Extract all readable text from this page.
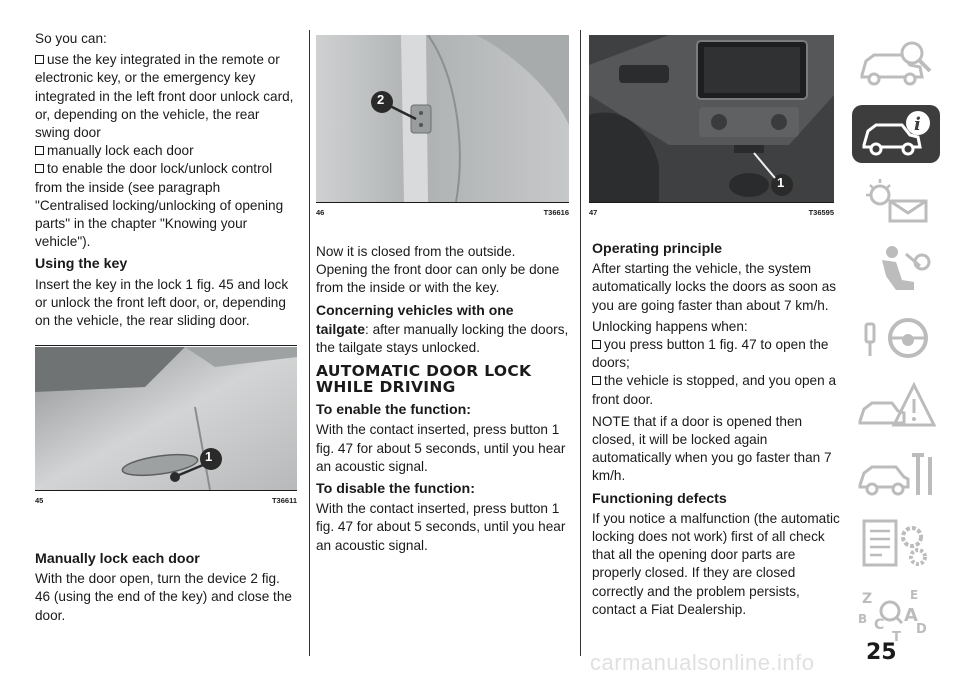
So you can:

use the key integrated in the remote or electronic key, or the emergency key integrated in the left front door unlock card, or, depending on the vehicle, the rear swing door
manually lock each door
to enable the door lock/unlock control from the inside (see paragraph "Centralised locking/unlocking of opening parts" in the chapter "Knowing your vehicle").
Using the key

Insert the key in the lock 1 fig. 45 and lock or unlock the front left door, or, depending on the vehicle, the rear sliding door.

1
45	T36611
Manually lock each door

With the door open, turn the device 2 fig. 46 (using the end of the key) and close the door.

2
46	T36616

Now it is closed from the outside. Opening the front door can only be done from the inside or with the key.

Concerning vehicles with one tailgate: after manually locking the doors, the tailgate stays unlocked.

AUTOMATIC DOOR LOCK WHILE DRIVING
To enable the function:

With the contact inserted, press button 1 fig. 47 for about 5 seconds, until you hear an acoustic signal.

To disable the function:

With the contact inserted, press button 1 fig. 47 for about 5 seconds, until you hear an acoustic signal.

1
47	T36595
Operating principle

After starting the vehicle, the system automatically locks the doors as soon as you are going faster than about 7 km/h.

Unlocking happens when:

you press button 1 fig. 47 to open the doors;
the vehicle is stopped, and you open a front door.

NOTE that if a door is opened then closed, it will be locked again automatically when you go faster than 7 km/h.

Functioning defects

If you notice a malfunction (the automatic locking does not work) first of all check that all the opening door parts are properly closed. If they are closed correctly and the problem persists, contact a Fiat Dealership.

i
Z	E
B A
C D
T
carmanualsonline.info 25
